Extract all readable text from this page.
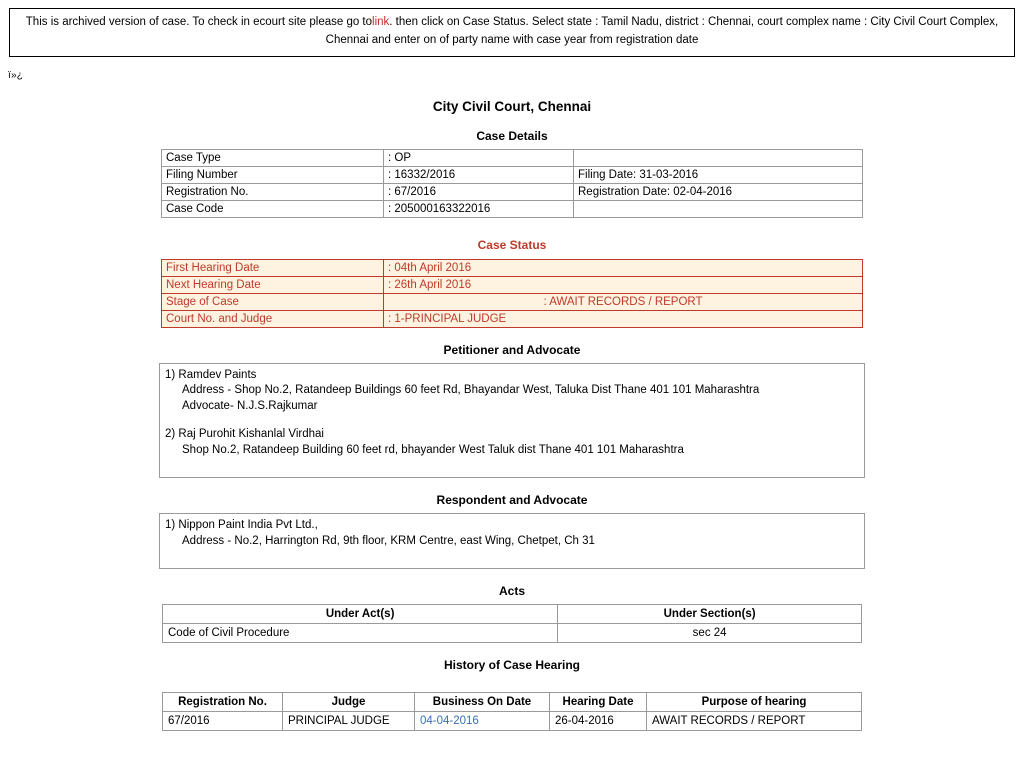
This is archived version of case. To check in ecourt site please go tolink. then click on Case Status. Select state : Tamil Nadu, district : Chennai, court complex name : City Civil Court Complex, Chennai and enter on of party name with case year from registration date
ï»¿
City Civil Court, Chennai
Case Details
Case Type	: OP	
Filing Number	: 16332/2016	Filing Date: 31-03-2016
Registration No.	: 67/2016	Registration Date: 02-04-2016
Case Code	: 205000163322016	
Case Status
First Hearing Date	: 04th April 2016
Next Hearing Date	: 26th April 2016
Stage of Case	: AWAIT RECORDS / REPORT
Court No. and Judge	: 1-PRINCIPAL JUDGE
Petitioner and Advocate
1) Ramdev Paints
Address - Shop No.2, Ratandeep Buildings 60 feet Rd, Bhayandar West, Taluka Dist Thane 401 101 Maharashtra
Advocate- N.J.S.Rajkumar
2) Raj Purohit Kishanlal Virdhai
Shop No.2, Ratandeep Building 60 feet rd, bhayander West Taluk dist Thane 401 101 Maharashtra
Respondent and Advocate
1) Nippon Paint India Pvt Ltd.,
Address - No.2, Harrington Rd, 9th floor, KRM Centre, east Wing, Chetpet, Ch 31
Acts
Under Act(s)	Under Section(s)
Code of Civil Procedure	sec 24
History of Case Hearing
Registration No.	Judge	Business On Date	Hearing Date	Purpose of hearing
67/2016	PRINCIPAL JUDGE	04-04-2016	26-04-2016	AWAIT RECORDS / REPORT
